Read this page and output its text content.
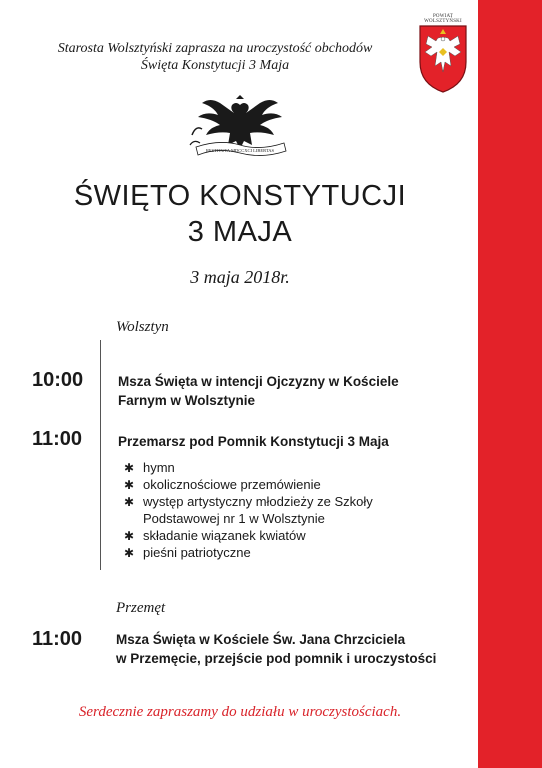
POWIAT WOLSZTYŃSKI
Starosta Wolsztyński zaprasza na uroczystość obchodów
Święta Konstytucji 3 Maja
RESTITUTA MDCCXCI LIBERTAS
ŚWIĘTO KONSTYTUCJI
3 MAJA
3 maja 2018r.
Wolsztyn
10:00	Msza Święta w intencji Ojczyzny w Kościele
Farnym w Wolsztynie
11:00	Przemarsz pod Pomnik Konstytucji 3 Maja
✱ hymn
✱ okolicznościowe przemówienie
✱ występ artystyczny młodzieży ze Szkoły Podstawowej nr 1 w Wolsztynie
✱ składanie wiązanek kwiatów
✱ pieśni patriotyczne
Przemęt
11:00	Msza Święta w Kościele Św. Jana Chrzciciela
w Przemęcie, przejście pod pomnik i uroczystości
Serdecznie zapraszamy do udziału w uroczystościach.
